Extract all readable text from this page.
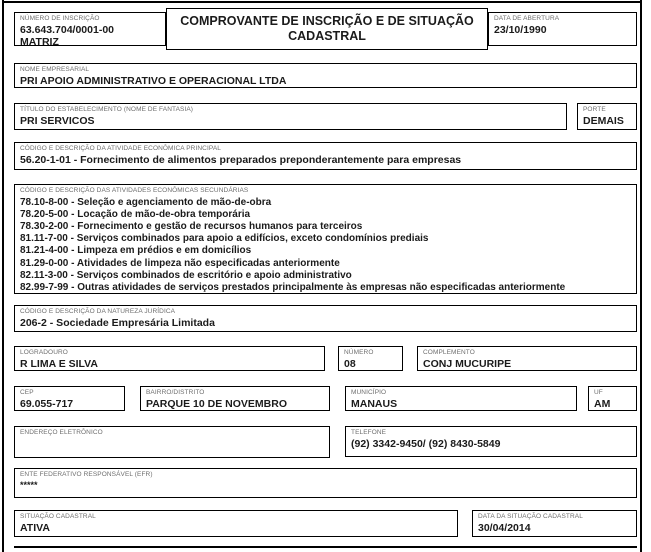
NÚMERO DE INSCRIÇÃO
63.643.704/0001-00
MATRIZ
COMPROVANTE DE INSCRIÇÃO E DE SITUAÇÃO CADASTRAL
DATA DE ABERTURA
23/10/1990
NOME EMPRESARIAL
PRI APOIO ADMINISTRATIVO E OPERACIONAL LTDA
TÍTULO DO ESTABELECIMENTO (NOME DE FANTASIA)
PRI SERVICOS
PORTE
DEMAIS
CÓDIGO E DESCRIÇÃO DA ATIVIDADE ECONÔMICA PRINCIPAL
56.20-1-01 - Fornecimento de alimentos preparados preponderantemente para empresas
CÓDIGO E DESCRIÇÃO DAS ATIVIDADES ECONÔMICAS SECUNDÁRIAS
78.10-8-00 - Seleção e agenciamento de mão-de-obra
78.20-5-00 - Locação de mão-de-obra temporária
78.30-2-00 - Fornecimento e gestão de recursos humanos para terceiros
81.11-7-00 - Serviços combinados para apoio a edifícios, exceto condomínios prediais
81.21-4-00 - Limpeza em prédios e em domicílios
81.29-0-00 - Atividades de limpeza não especificadas anteriormente
82.11-3-00 - Serviços combinados de escritório e apoio administrativo
82.99-7-99 - Outras atividades de serviços prestados principalmente às empresas não especificadas anteriormente
CÓDIGO E DESCRIÇÃO DA NATUREZA JURÍDICA
206-2 - Sociedade Empresária Limitada
LOGRADOURO
R LIMA E SILVA
NÚMERO
08
COMPLEMENTO
CONJ MUCURIPE
CEP
69.055-717
BAIRRO/DISTRITO
PARQUE 10 DE NOVEMBRO
MUNICÍPIO
MANAUS
UF
AM
ENDEREÇO ELETRÔNICO	TELEFONE
(92) 3342-9450/ (92) 8430-5849
ENTE FEDERATIVO RESPONSÁVEL (EFR)
*****
SITUAÇÃO CADASTRAL
ATIVA
DATA DA SITUAÇÃO CADASTRAL
30/04/2014
